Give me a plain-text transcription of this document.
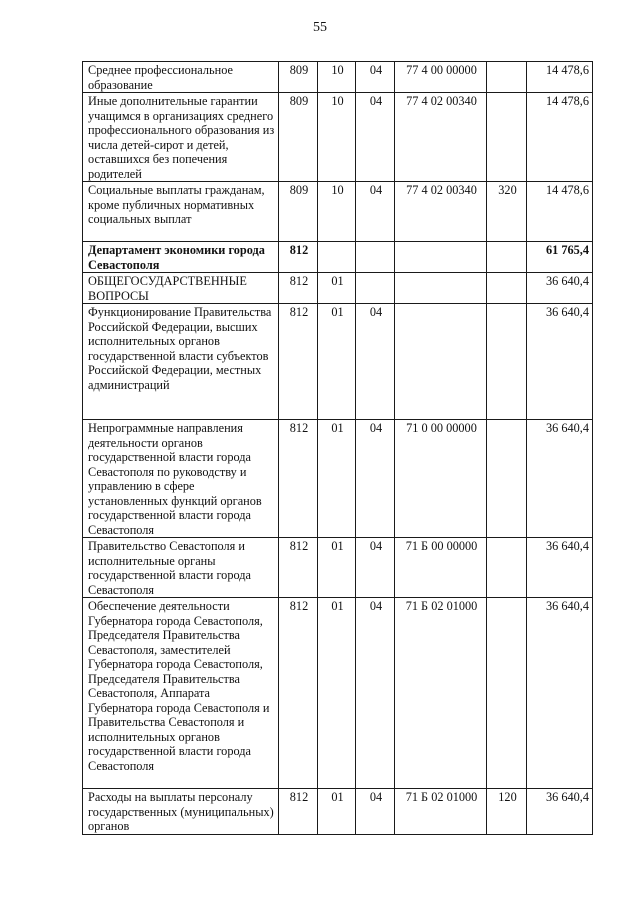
55
Среднее профессиональное образование	809	10	04	77 4 00 00000		14 478,6
Иные дополнительные гарантии учащимся в организациях среднего профессионального образования из числа детей-сирот и детей, оставшихся без попечения родителей	809	10	04	77 4 02 00340		14 478,6
Социальные выплаты гражданам, кроме публичных нормативных социальных выплат	809	10	04	77 4 02 00340	320	14 478,6
Департамент экономики города Севастополя	812					61 765,4
ОБЩЕГОСУДАРСТВЕННЫЕ ВОПРОСЫ	812	01				36 640,4
Функционирование Правительства Российской Федерации, высших исполнительных органов государственной власти субъектов Российской Федерации, местных администраций	812	01	04			36 640,4
Непрограммные направления деятельности органов государственной власти города Севастополя по руководству и управлению в сфере установленных функций органов государственной власти города Севастополя	812	01	04	71 0 00 00000		36 640,4
Правительство Севастополя и исполнительные органы государственной власти города Севастополя	812	01	04	71 Б 00 00000		36 640,4
Обеспечение деятельности Губернатора города Севастополя, Председателя Правительства Севастополя, заместителей Губернатора города Севастополя, Председателя Правительства Севастополя, Аппарата Губернатора города Севастополя и Правительства Севастополя и исполнительных органов государственной власти города Севастополя	812	01	04	71 Б 02 01000		36 640,4
Расходы на выплаты персоналу государственных (муниципальных) органов	812	01	04	71 Б 02 01000	120	36 640,4
